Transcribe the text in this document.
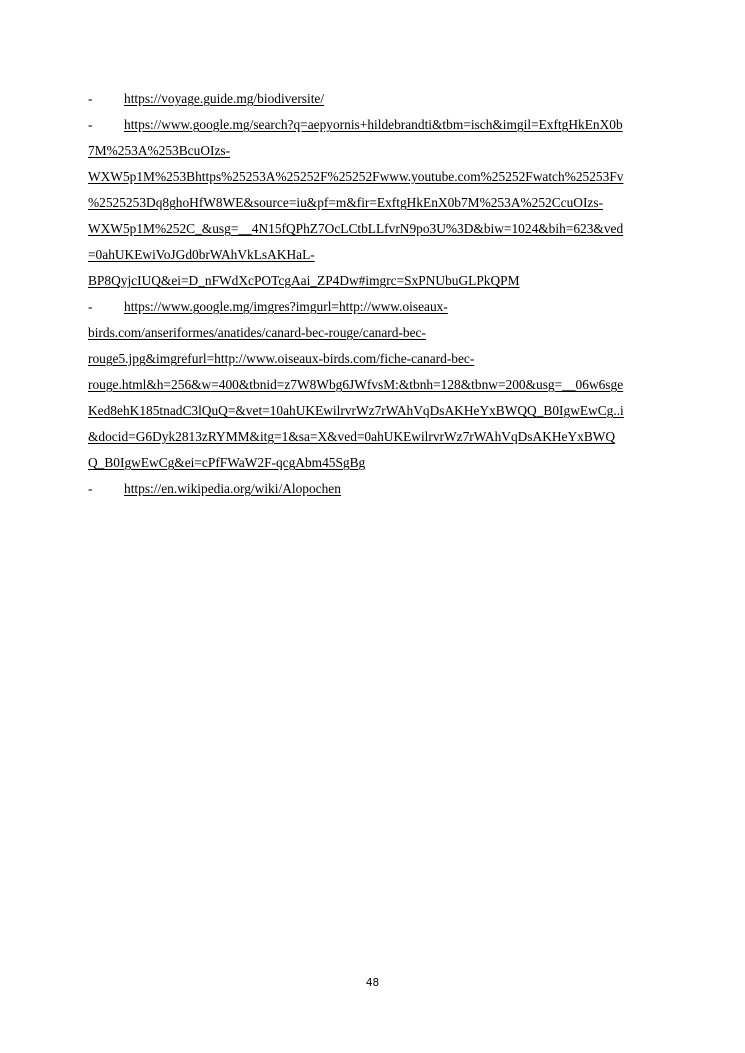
- https://voyage.guide.mg/biodiversite/
- https://www.google.mg/search?q=aepyornis+hildebrandti&tbm=isch&imgil=ExftgHkEnX0b
7M%253A%253BcuOIzs-
WXW5p1M%253Bhttps%25253A%25252F%25252Fwww.youtube.com%25252Fwatch%25253Fv
%2525253Dq8ghoHfW8WE&source=iu&pf=m&fir=ExftgHkEnX0b7M%253A%252CcuOIzs-
WXW5p1M%252C_&usg=__4N15fQPhZ7OcLCtbLLfvrN9po3U%3D&biw=1024&bih=623&ved
=0ahUKEwiVoJGd0brWAhVkLsAKHaL-
BP8QyjcIUQ&ei=D_nFWdXcPOTcgAai_ZP4Dw#imgrc=SxPNUbuGLPkQPM
- https://www.google.mg/imgres?imgurl=http://www.oiseaux-
birds.com/anseriformes/anatides/canard-bec-rouge/canard-bec-
rouge5.jpg&imgrefurl=http://www.oiseaux-birds.com/fiche-canard-bec-
rouge.html&h=256&w=400&tbnid=z7W8Wbg6JWfvsM:&tbnh=128&tbnw=200&usg=__06w6sge
Ked8ehK185tnadC3lQuQ=&vet=10ahUKEwilrvrWz7rWAhVqDsAKHeYxBWQQ_B0IgwEwCg..i
&docid=G6Dyk2813zRYMM&itg=1&sa=X&ved=0ahUKEwilrvrWz7rWAhVqDsAKHeYxBWQ
Q_B0IgwEwCg&ei=cPfFWaW2F-qcgAbm45SgBg
- https://en.wikipedia.org/wiki/Alopochen
48
